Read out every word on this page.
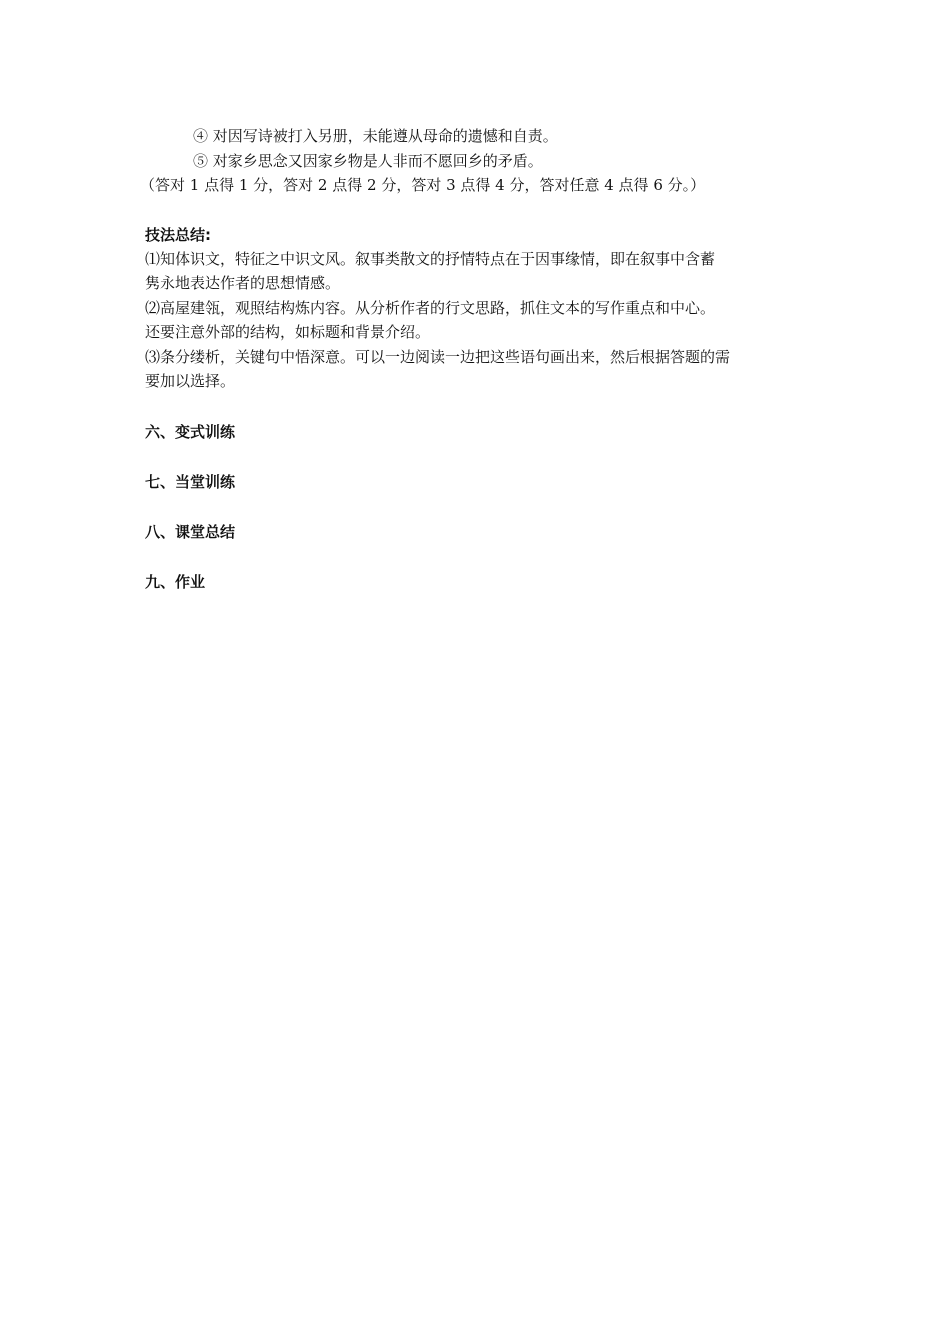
④ 对因写诗被打入另册，未能遵从母命的遗憾和自责。
⑤ 对家乡思念又因家乡物是人非而不愿回乡的矛盾。
（答对 1 点得 1 分，答对 2 点得 2 分，答对 3 点得 4 分，答对任意 4 点得 6 分。）
技法总结:
⑴知体识文，特征之中识文风。叙事类散文的抒情特点在于因事缘情，即在叙事中含蓄
隽永地表达作者的思想情感。
⑵高屋建瓴，观照结构炼内容。从分析作者的行文思路，抓住文本的写作重点和中心。
还要注意外部的结构，如标题和背景介绍。
⑶条分缕析，关键句中悟深意。可以一边阅读一边把这些语句画出来，然后根据答题的需
要加以选择。
六、变式训练
七、当堂训练
八、课堂总结
九、作业
